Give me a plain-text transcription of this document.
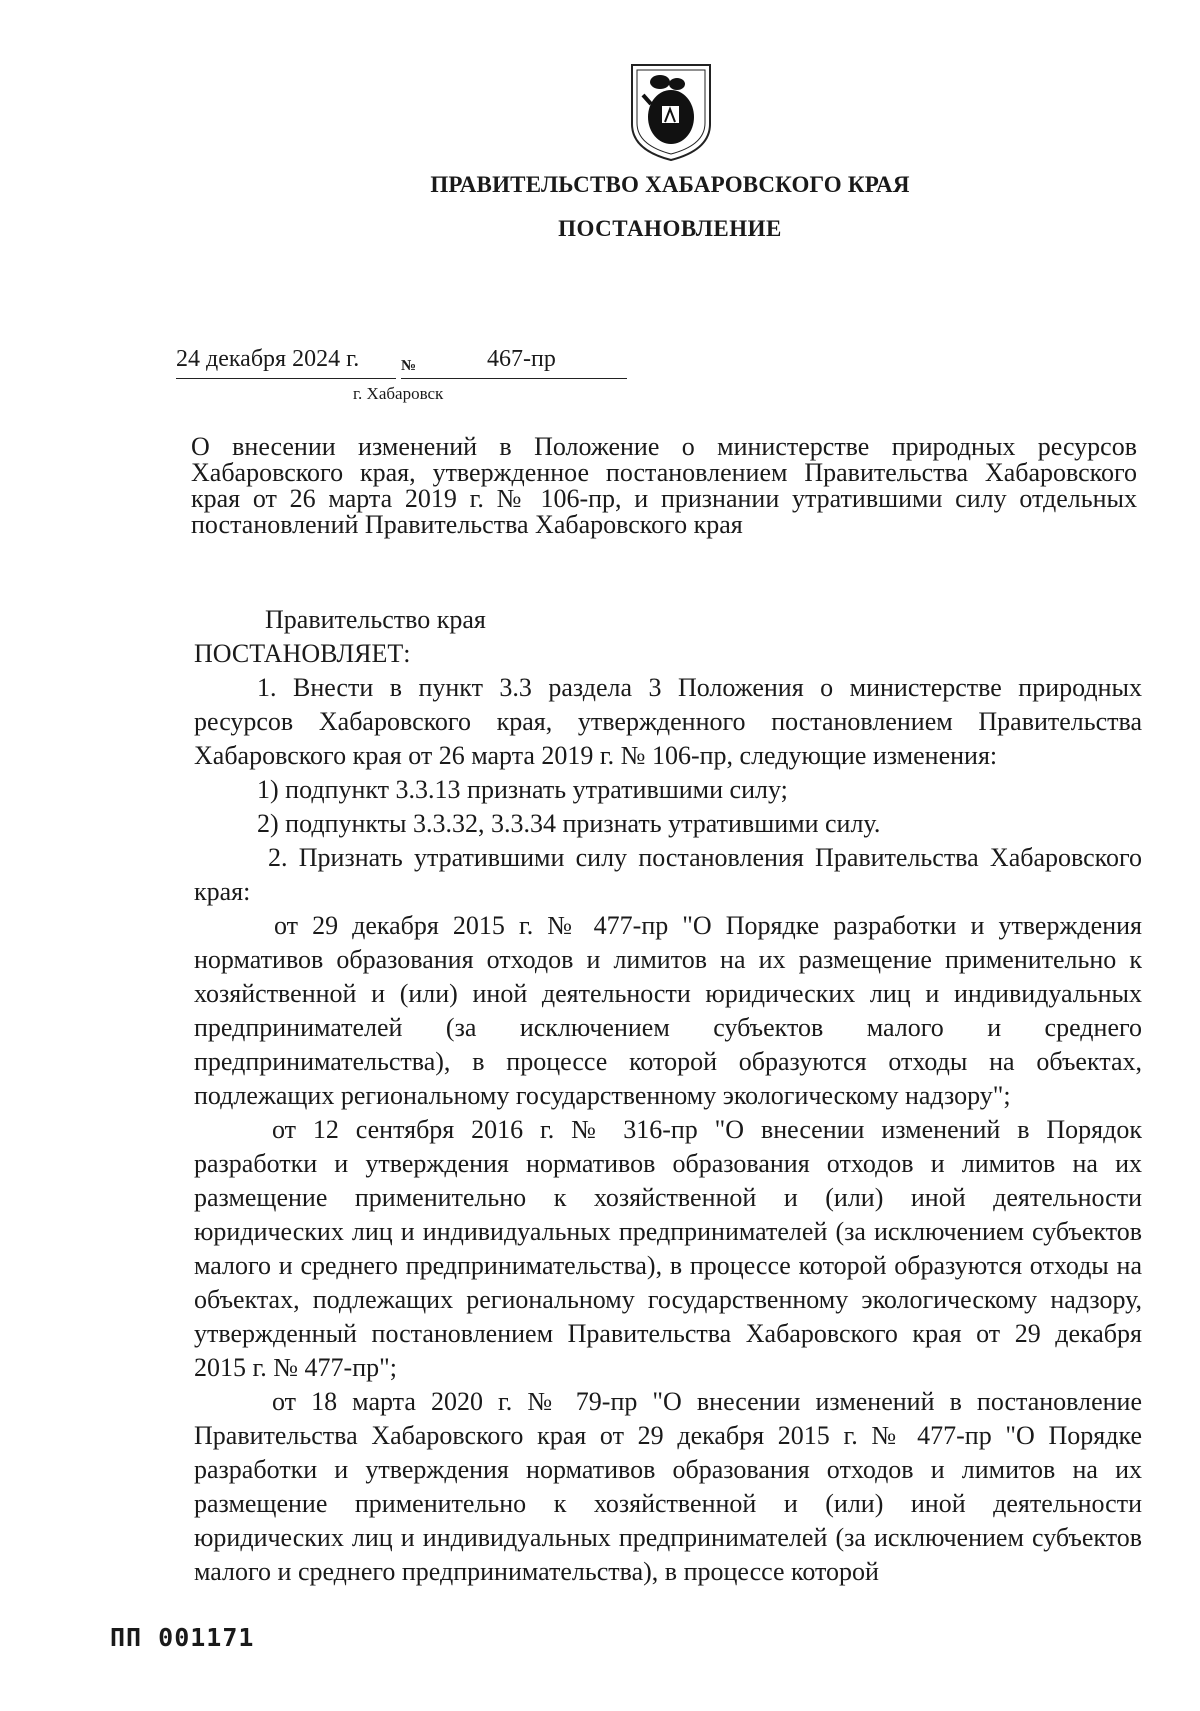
ПРАВИТЕЛЬСТВО ХАБАРОВСКОГО КРАЯ
ПОСТАНОВЛЕНИЕ
24 декабря 2024 г.	№	467-пр
г. Хабаровск
О внесении изменений в Положение о министерстве природных ресурсов Хабаровского края, утвержденное постановлением Правительства Хабаровского края от 26 марта 2019 г. № 106-пр, и признании утратившими силу отдельных постановлений Правительства Хабаровского края

Правительство края

ПОСТАНОВЛЯЕТ:

1. Внести в пункт 3.3 раздела 3 Положения о министерстве природных ресурсов Хабаровского края, утвержденного постановлением Правительства Хабаровского края от 26 марта 2019 г. № 106-пр, следующие изменения:

1) подпункт 3.3.13 признать утратившими силу;

2) подпункты 3.3.32, 3.3.34 признать утратившими силу.

2. Признать утратившими силу постановления Правительства Хабаровского края:

от 29 декабря 2015 г. № 477-пр "О Порядке разработки и утверждения нормативов образования отходов и лимитов на их размещение применительно к хозяйственной и (или) иной деятельности юридических лиц и индивидуальных предпринимателей (за исключением субъектов малого и среднего предпринимательства), в процессе которой образуются отходы на объектах, подлежащих региональному государственному экологическому надзору";

от 12 сентября 2016 г. № 316-пр "О внесении изменений в Порядок разработки и утверждения нормативов образования отходов и лимитов на их размещение применительно к хозяйственной и (или) иной деятельности юридических лиц и индивидуальных предпринимателей (за исключением субъектов малого и среднего предпринимательства), в процессе которой образуются отходы на объектах, подлежащих региональному государственному экологическому надзору, утвержденный постановлением Правительства Хабаровского края от 29 декабря 2015 г. № 477-пр";

от 18 марта 2020 г. № 79-пр "О внесении изменений в постановление Правительства Хабаровского края от 29 декабря 2015 г. № 477-пр "О Порядке разработки и утверждения нормативов образования отходов и лимитов на их размещение применительно к хозяйственной и (или) иной деятельности юридических лиц и индивидуальных предпринимателей (за исключением субъектов малого и среднего предпринимательства), в процессе которой

ПП 001171
